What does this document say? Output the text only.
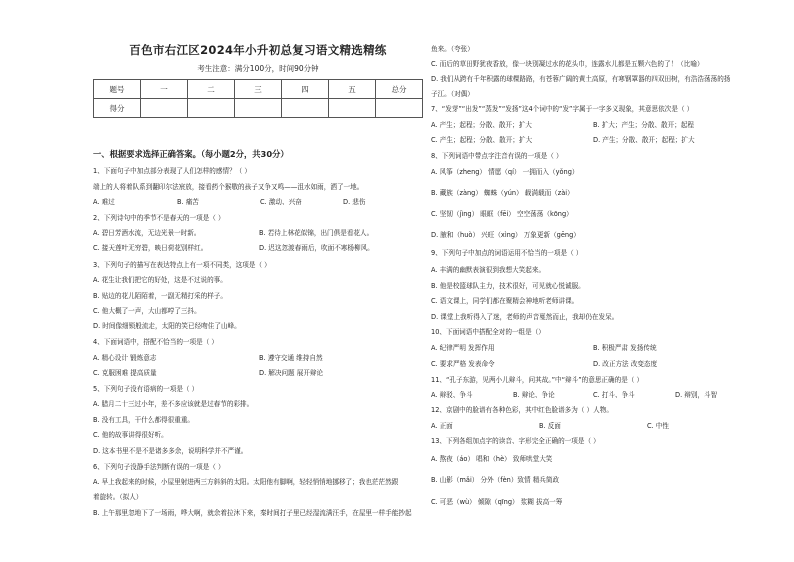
百色市右江区2024年小升初总复习语文精选精练
考生注意：满分100分，时间90分钟
题号	一	二	三	四	五	总分
得分						
一、根据要求选择正确答案。（每小题2分，共30分）
1、下面句子中加点部分表现了人们怎样的感情？（ ）
端上的人将着队系到翻印尔法宸放，接看药个猴敬的孩子又争又鸣——沮水如雨，洒了一地。
A. 难过	B. 痛苦	C. 激动、兴奋	D. 悲伤
2、下列诗句中的季节不是春天的一项是（ ）
A. 碧日芳酒水流，无边光景一时新。	B. 若待上林花似锦，出门俱是看花人。
C. 接天莲叶无穷碧，映日荷花别样红。	D. 迟这忽渡春雨后，吹面不寒杨柳风。
3、下列句子的描写在表达特点上有一项不同类，这项是（ ）
A. 花生让我们把它的好处，这是不过说的事。
B. 贴边的花儿陌陌着，一副无精打采的样子。
C. 他大概了一声，大山都哼了三抖。
D. 时间像细锁般流走，太阳的笑已经吻住了山峰。
4、下面词语中，搭配不恰当的一项是（ ）
A. 精心设计 锻炼意志	B. 遵守交通 维持自然
C. 克服困难 提高质量	D. 解决问题 展开辩论
5、下列句子没有语病的一项是（ ）
A. 腊月二十三过小年，差不多应该就是过春节的彩排。
B. 没有工具，干什么都得很重重。
C. 他的故事讲得很好听。
D. 这本书里不是不是诸多多余，说明科学并不严谨。
6、下列句子没静手法判断有误的一项是（ ）
A. 早上我起来的时候，小屋里射进两三方斜斜的太阳。太阳他有脚啊，轻轻悄悄地挪移了；我也茫茫然跟
着旋转。（拟人）
B. 上午那里忽地下了一场雨，哗大啊，就余着拉沐下来，秦时间打子里已经湿流满汪手，在屋里一样手能抄起
鱼来。（夸张）
C. 而后的草田野犹夜香放，像一块别凝过水的花头巾，连露水儿都是五颗六色的了！（比喻）
D. 我们从跨有千年积露的球棵路路，有苍蓉广阔的黄土高原，有寒钢罩器的四双田树，有浩浩荡荡的扬
子江。（对偶）
7、“发芽”“出发”“蒸发”“发扬”这4个词中的“发”字属于一字多义现象，其意思依次是（ ）
A. 产生；起程；分散、散开；扩大	B. 扩大；产生；分散、散开；起程
C. 产生；起程；分散、散开；扩大	D. 产生；分散、散开；起程；扩大
8、下列词语中带点字注音有误的一项是（ ）
A. 风筝（zheng） 情愿（qí） 一拥而入（yǒng）
B. 藏族（zàng） 蜘蛛（yún） 载满载而（zài）
C. 坚韧（jìng） 眼眶（fēi） 空空荡荡（kōng）
D. 腋和（huò） 兴旺（xìng） 万象更新（gēng）
9、下列句子中加点的词语运用不恰当的一项是（ ）
A. 丰满的幽默表演很到我想大笑起来。
B. 他是校篮球队主力，技术很好，可见就心悦诚服。
C. 语文课上，同学们都在聚精会神地听老师讲课。
D. 课堂上我听得入了迷，老师的声音戛然而止，我却仍在发呆。
10、下面词语中搭配全对的一组是（）
A. 纪律严明 发挥作用	B. 积极严肃 发扬传统
C. 要求严格 发表命令	D. 改正方法 改变态度
11、“孔子东游，见两小儿辩斗，问其故。”中“辩斗”的意思正确的是（ ）
A. 辩驳、争斗	B. 辩论、争论	C. 打斗、争斗	D. 辩别，斗智
12、京剧中的脸谱有各种色彩，其中红色脸谱多为（ ）人物。
A. 正面	B. 反面	C. 中性
13、下列各组加点字的读音、字形完全正确的一项是（ ）
A. 熬夜（áo） 唱和（hè） 致师哄堂大笑
B. 山影（mǎi） 分外（fèn）致情 精兵简政
C. 可恶（wù） 倾隙（qīng） 浆糊 拔高一筹
